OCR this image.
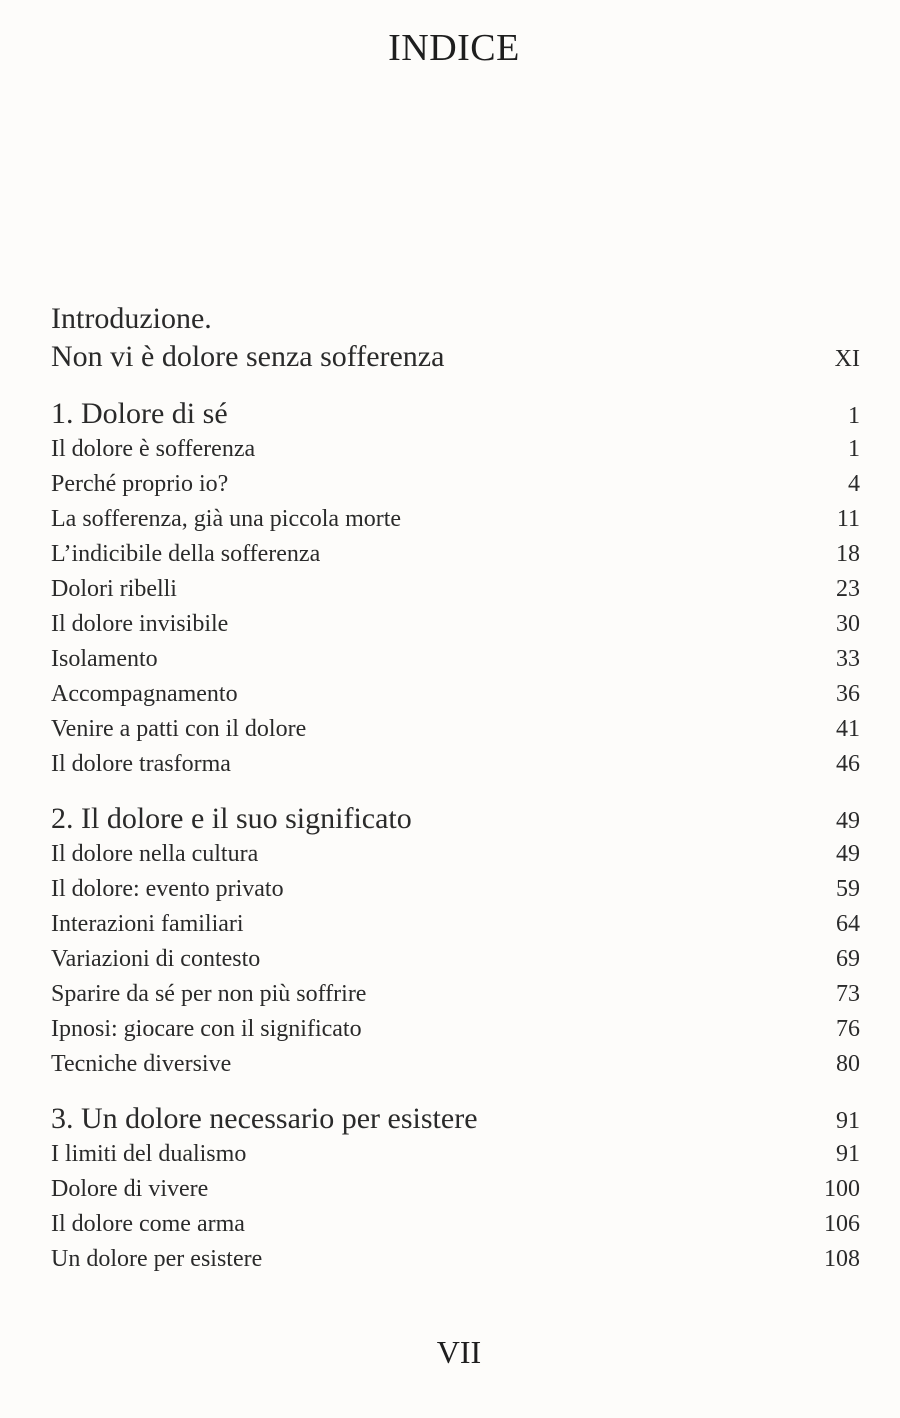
INDICE
Introduzione.
Non vi è dolore senza sofferenza	XI
1. Dolore di sé	1
Il dolore è sofferenza	1
Perché proprio io?	4
La sofferenza, già una piccola morte	11
L’indicibile della sofferenza	18
Dolori ribelli	23
Il dolore invisibile	30
Isolamento	33
Accompagnamento	36
Venire a patti con il dolore	41
Il dolore trasforma	46
2. Il dolore e il suo significato	49
Il dolore nella cultura	49
Il dolore: evento privato	59
Interazioni familiari	64
Variazioni di contesto	69
Sparire da sé per non più soffrire	73
Ipnosi: giocare con il significato	76
Tecniche diversive	80
3. Un dolore necessario per esistere	91
I limiti del dualismo	91
Dolore di vivere	100
Il dolore come arma	106
Un dolore per esistere	108
VII
